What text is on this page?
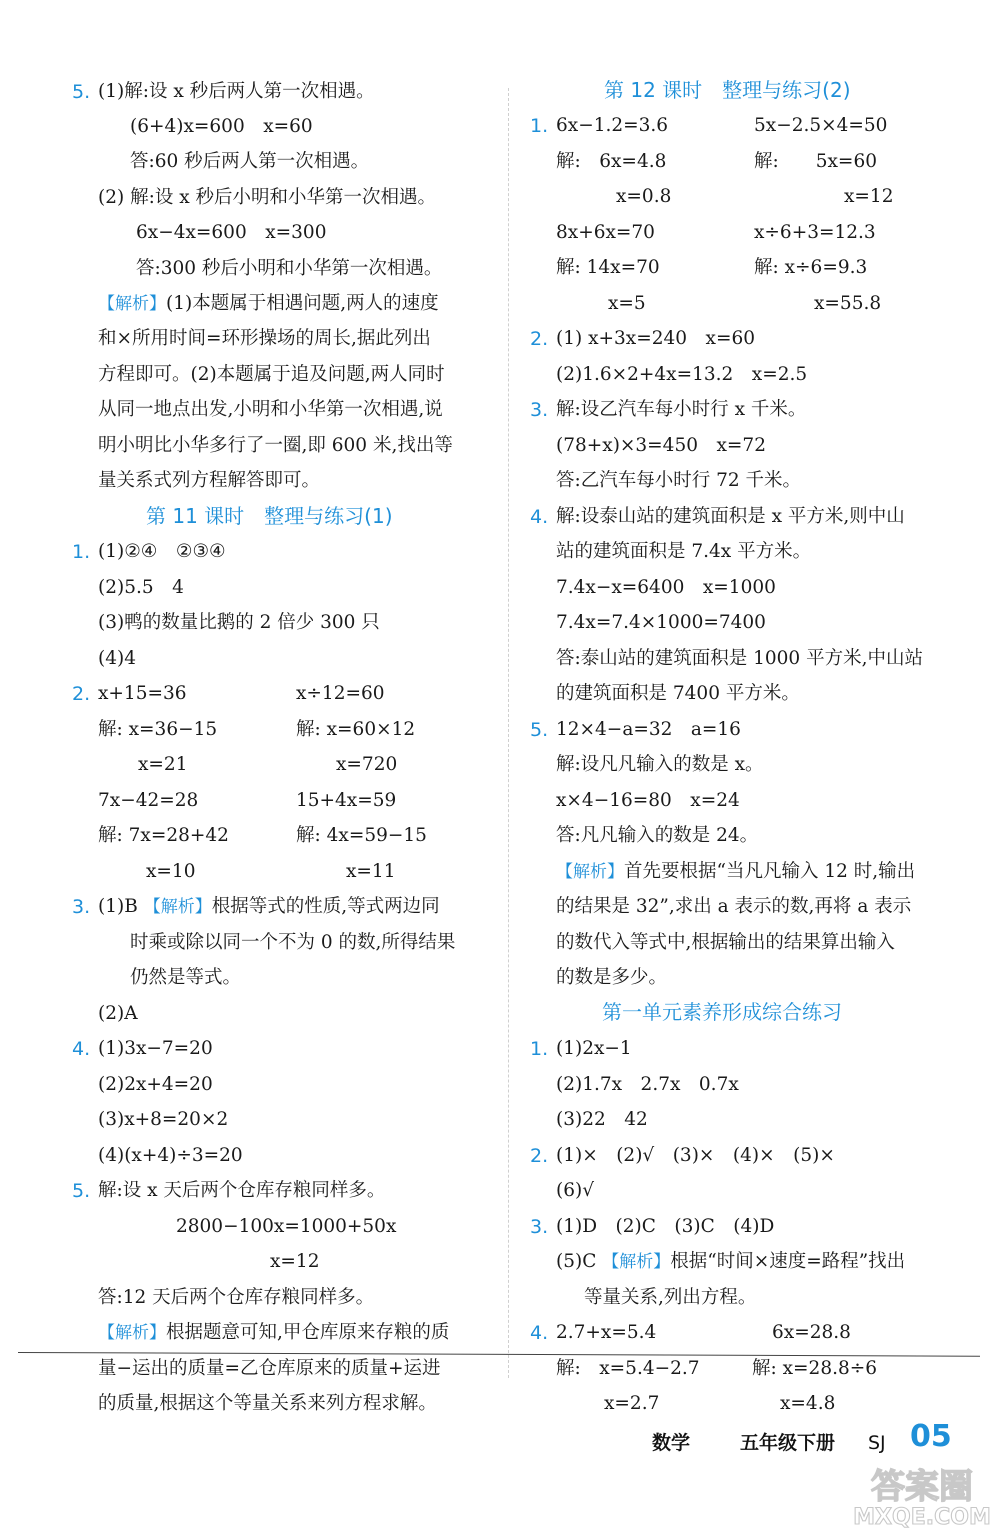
5. (1)解:设 x 秒后两人第一次相遇。
(6+4)x=600　x=60
答:60 秒后两人第一次相遇。
(2) 解:设 x 秒后小明和小华第一次相遇。
6x−4x=600　x=300
答:300 秒后小明和小华第一次相遇。
【 解析 】 (1)本题属于相遇问题,两人的速度
和×所用时间=环形操场的周长,据此列出
方程即可。(2)本题属于追及问题,两人同时
从同一地点出发,小明和小华第一次相遇,说
明小明比小华多行了一圈,即 600 米,找出等
量关系式列方程解答即可。
第 11 课时　整理与练习(1)
1. (1)②④　②③④
(2)5.5　4
(3)鸭的数量比鹅的 2 倍少 300 只
(4)4
2. x+15=36
解: x=36−15
x=21
x÷12=60
解: x=60×12
x=720
7x−42=28
解: 7x=28+42
x=10
15+4x=59
解: 4x=59−15
x=11
3. (1)B 【 解析 】 根据等式的性质,等式两边同
时乘或除以同一个不为 0 的数,所得结果
仍然是等式。
(2)A
4. (1)3x−7=20
(2)2x+4=20
(3)x+8=20×2
(4)(x+4)÷3=20
5. 解:设 x 天后两个仓库存粮同样多。
2800−100x=1000+50x
x=12
答:12 天后两个仓库存粮同样多。
【 解析 】 根据题意可知,甲仓库原来存粮的质
量−运出的质量=乙仓库原来的质量+运进
的质量,根据这个等量关系来列方程求解。
第 12 课时　整理与练习(2)
1. 6x−1.2=3.6
解:　6x=4.8
x=0.8
5x−2.5×4=50
解:　　5x=60
x=12
8x+6x=70
解: 14x=70
x=5
x÷6+3=12.3
解: x÷6=9.3
x=55.8
2. (1) x+3x=240　x=60
(2)1.6×2+4x=13.2　x=2.5
3. 解:设乙汽车每小时行 x 千米。
(78+x)×3=450　x=72
答:乙汽车每小时行 72 千米。
4. 解:设泰山站的建筑面积是 x 平方米,则中山
站的建筑面积是 7.4x 平方米。
7.4x−x=6400　x=1000
7.4x=7.4×1000=7400
答:泰山站的建筑面积是 1000 平方米,中山站
的建筑面积是 7400 平方米。
5. 12×4−a=32　a=16
解:设凡凡输入的数是 x。
x×4−16=80　x=24
答:凡凡输入的数是 24。
【 解析 】 首先要根据“当凡凡输入 12 时,输出
的结果是 32”,求出 a 表示的数,再将 a 表示
的数代入等式中,根据输出的结果算出输入
的数是多少。
第一单元素养形成综合练习
1. (1)2x−1
(2)1.7x　2.7x　0.7x
(3)22　42
2. (1)×　(2)√　(3)×　(4)×　(5)×
(6)√
3. (1)D　(2)C　(3)C　(4)D
(5)C 【 解析 】 根据“时间×速度=路程”找出
等量关系,列出方程。
4. 2.7+x=5.4
解:　x=5.4−2.7
x=2.7
6x=28.8
解: x=28.8÷6
x=4.8
数学	五年级下册 SJ 05
答案圈
MXQE.COM
